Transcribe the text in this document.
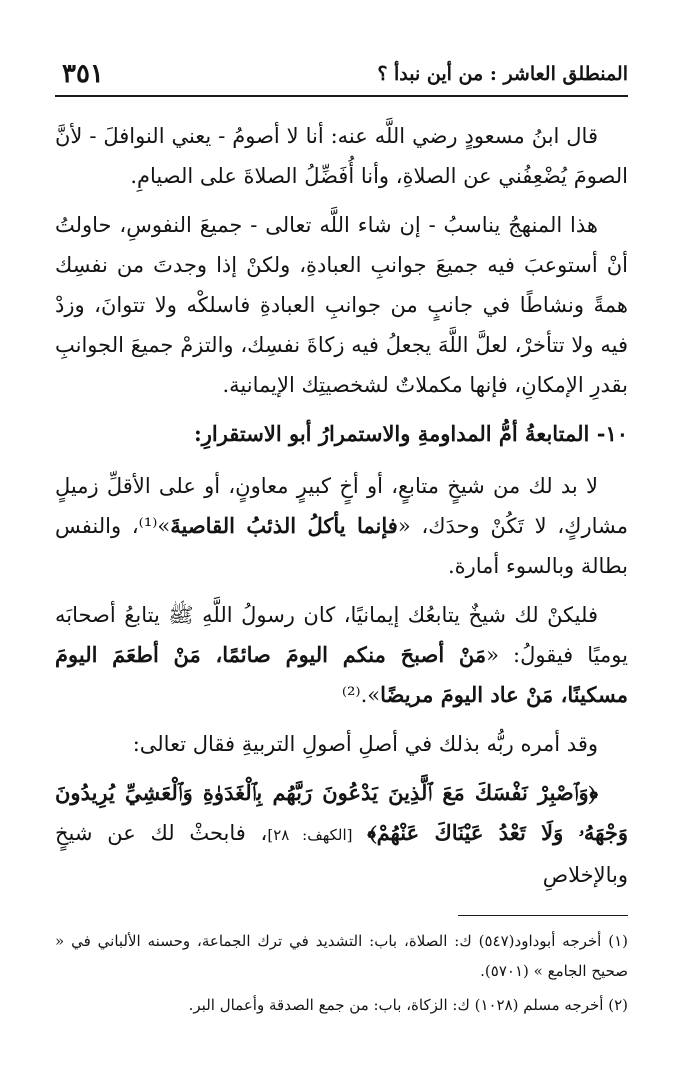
المنطلق العاشر : من أين نبدأ ؟
٣٥١

قال ابنُ مسعودٍ رضي اللَّه عنه: أنا لا أصومُ - يعني النوافلَ - لأنَّ الصومَ يُضْعِفُني عن الصلاةِ، وأنا أُفَضِّلُ الصلاةَ على الصيامِ.

هذا المنهجُ يناسبُ - إن شاء اللَّه تعالى - جميعَ النفوسِ، حاولتُ أنْ أستوعبَ فيه جميعَ جوانبِ العبادةِ، ولكنْ إذا وجدتَ من نفسِك همةً ونشاطًا في جانبٍ من جوانبِ العبادةِ فاسلكْه ولا تتوانَ، وزدْ فيه ولا تتأخرْ، لعلَّ اللَّهَ يجعلُ فيه زكاةَ نفسِك، والتزمْ جميعَ الجوانبِ بقدرِ الإمكانِ، فإنها مكملاتٌ لشخصيتِك الإيمانية.

١٠- المتابعةُ أمُّ المداومةِ والاستمرارُ أبو الاستقرارِ:

لا بد لك من شيخٍ متابعٍ، أو أخٍ كبيرٍ معاونٍ، أو على الأقلِّ زميلٍ مشاركٍ، لا تَكُنْ وحدَك، «فإنما يأكلُ الذئبُ القاصيةَ»⁽¹⁾، والنفس بطالة وبالسوء أمارة.

فليكنْ لك شيخٌ يتابعُك إيمانيًا، كان رسولُ اللَّهِ ﷺ يتابعُ أصحابَه يوميًا فيقولُ: «مَنْ أصبحَ منكم اليومَ صائمًا، مَنْ أطعَمَ اليومَ مسكينًا، مَنْ عاد اليومَ مريضًا».⁽²⁾

وقد أمره ربُّه بذلك في أصلِ أصولِ التربيةِ فقال تعالى:

﴿وَٱصْبِرْ نَفْسَكَ مَعَ ٱلَّذِينَ يَدْعُونَ رَبَّهُم بِٱلْغَدَوٰةِ وَٱلْعَشِيِّ يُرِيدُونَ وَجْهَهُۥ وَلَا تَعْدُ عَيْنَاكَ عَنْهُمْ﴾ [الكهف: ٢٨]، فابحثْ لك عن شيخٍ وبالإخلاصِ

(١) أخرجه أبوداود(٥٤٧) ك: الصلاة، باب: التشديد في ترك الجماعة، وحسنه الألباني في « صحيح الجامع » (٥٧٠١).

(٢) أخرجه مسلم (١٠٢٨) ك: الزكاة، باب: من جمع الصدقة وأعمال البر.
